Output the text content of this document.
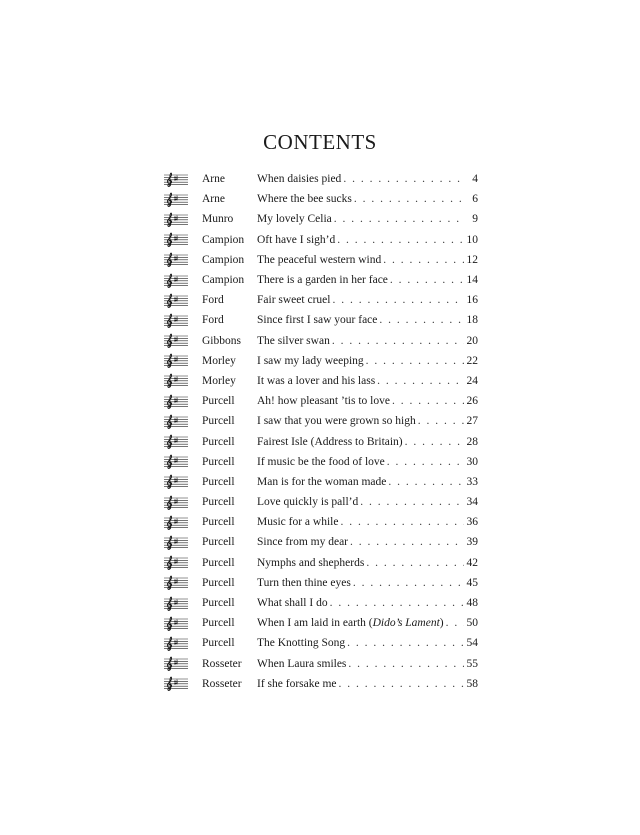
CONTENTS
Arne	When daisies pied . . .	4
Arne	Where the bee sucks . . .	6
Munro	My lovely Celia . . .	9
Campion	Oft have I sigh’d . . .	10
Campion	The peaceful western wind . . .	12
Campion	There is a garden in her face . . .	14
Ford	Fair sweet cruel . . .	16
Ford	Since first I saw your face . . .	18
Gibbons	The silver swan . . .	20
Morley	I saw my lady weeping . . .	22
Morley	It was a lover and his lass . . .	24
Purcell	Ah! how pleasant ’tis to love . . .	26
Purcell	I saw that you were grown so high . . .	27
Purcell	Fairest Isle (Address to Britain) . . .	28
Purcell	If music be the food of love . . .	30
Purcell	Man is for the woman made . . .	33
Purcell	Love quickly is pall’d . . .	34
Purcell	Music for a while . . .	36
Purcell	Since from my dear . . .	39
Purcell	Nymphs and shepherds . . .	42
Purcell	Turn then thine eyes . . .	45
Purcell	What shall I do . . .	48
Purcell	When I am laid in earth (Dido’s Lament) . . . 50
Purcell	The Knotting Song . . .	54
Rosseter	When Laura smiles . . .	55
Rosseter	If she forsake me . . .	58
